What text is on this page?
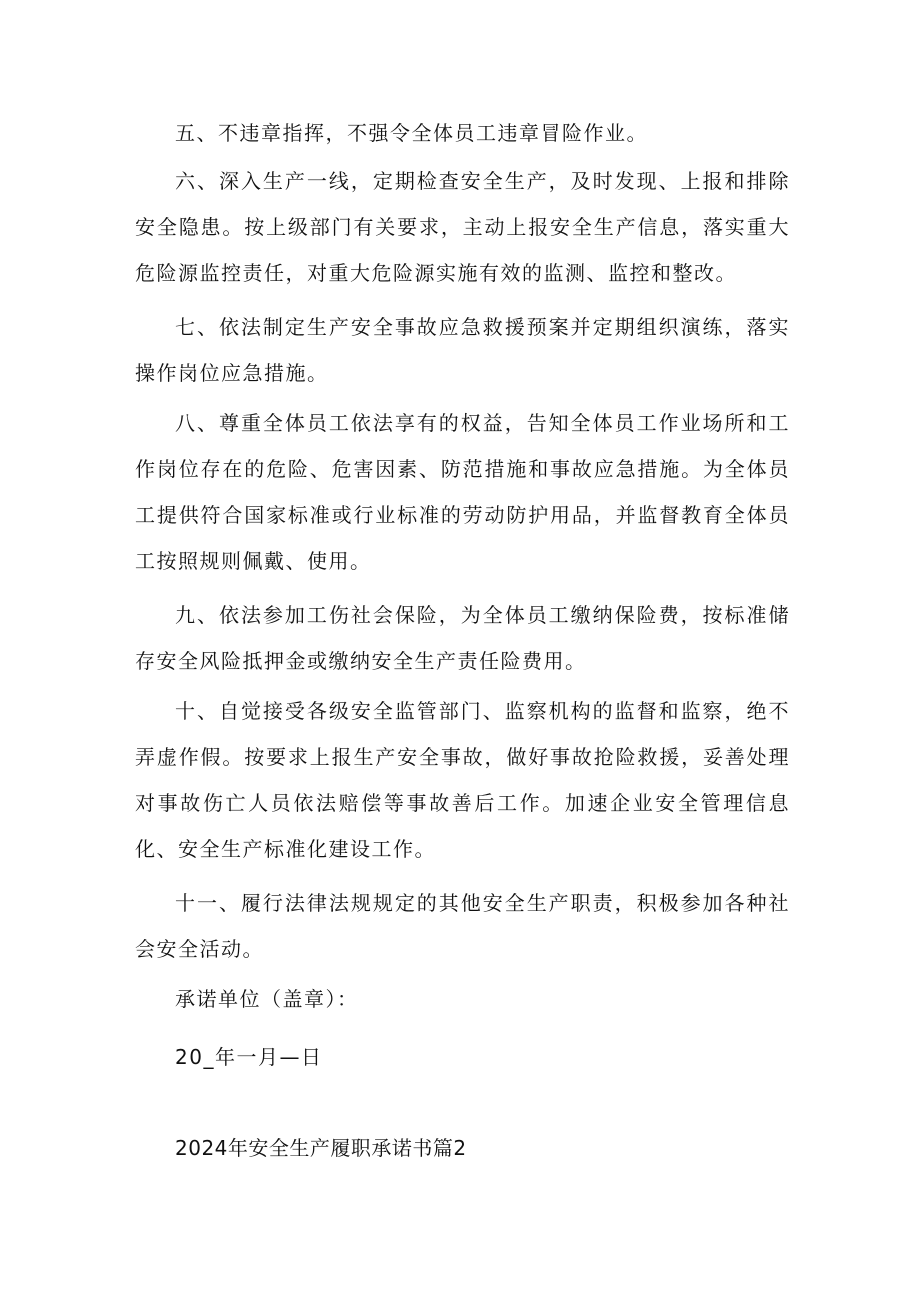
五、不违章指挥，不强令全体员工违章冒险作业。

六、深入生产一线，定期检查安全生产，及时发现、上报和排除安全隐患。按上级部门有关要求，主动上报安全生产信息，落实重大危险源监控责任，对重大危险源实施有效的监测、监控和整改。

七、依法制定生产安全事故应急救援预案并定期组织演练，落实操作岗位应急措施。

八、尊重全体员工依法享有的权益，告知全体员工作业场所和工作岗位存在的危险、危害因素、防范措施和事故应急措施。为全体员工提供符合国家标准或行业标准的劳动防护用品，并监督教育全体员工按照规则佩戴、使用。

九、依法参加工伤社会保险，为全体员工缴纳保险费，按标准储存安全风险抵押金或缴纳安全生产责任险费用。

十、自觉接受各级安全监管部门、监察机构的监督和监察，绝不弄虚作假。按要求上报生产安全事故，做好事故抢险救援，妥善处理对事故伤亡人员依法赔偿等事故善后工作。加速企业安全管理信息化、安全生产标准化建设工作。

十一、履行法律法规规定的其他安全生产职责，积极参加各种社会安全活动。

承诺单位（盖章）：

20_年一月—日

2024年安全生产履职承诺书篇2
